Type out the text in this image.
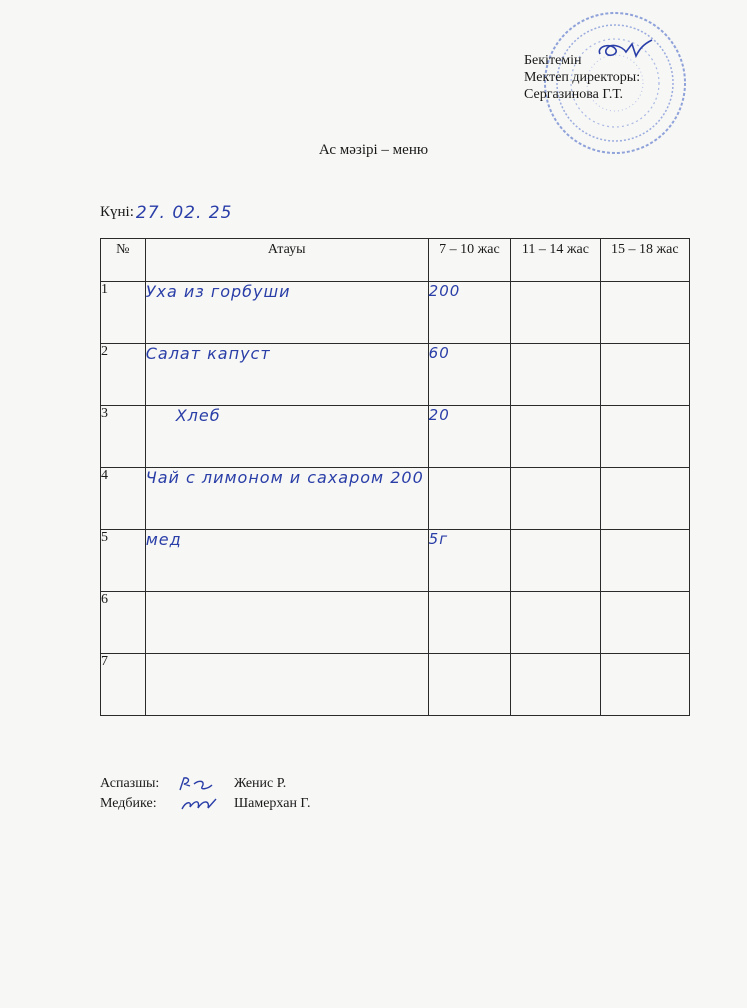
Бекітемін
Мектеп директоры:
Сергазинова Г.Т.
Ас мәзірі – меню
Күні: 27. 02. 25
№	Атауы	7 – 10 жас	11 – 14 жас	15 – 18 жас
1	Уха из горбуши	200		
2	Салат капуст	60		
3	Хлеб	20		
4	Чай с лимоном и сахаром 200			
5	мед	5г		
6				
7				
Аспазшы:	Женис Р.
Медбике:	Шамерхан Г.
